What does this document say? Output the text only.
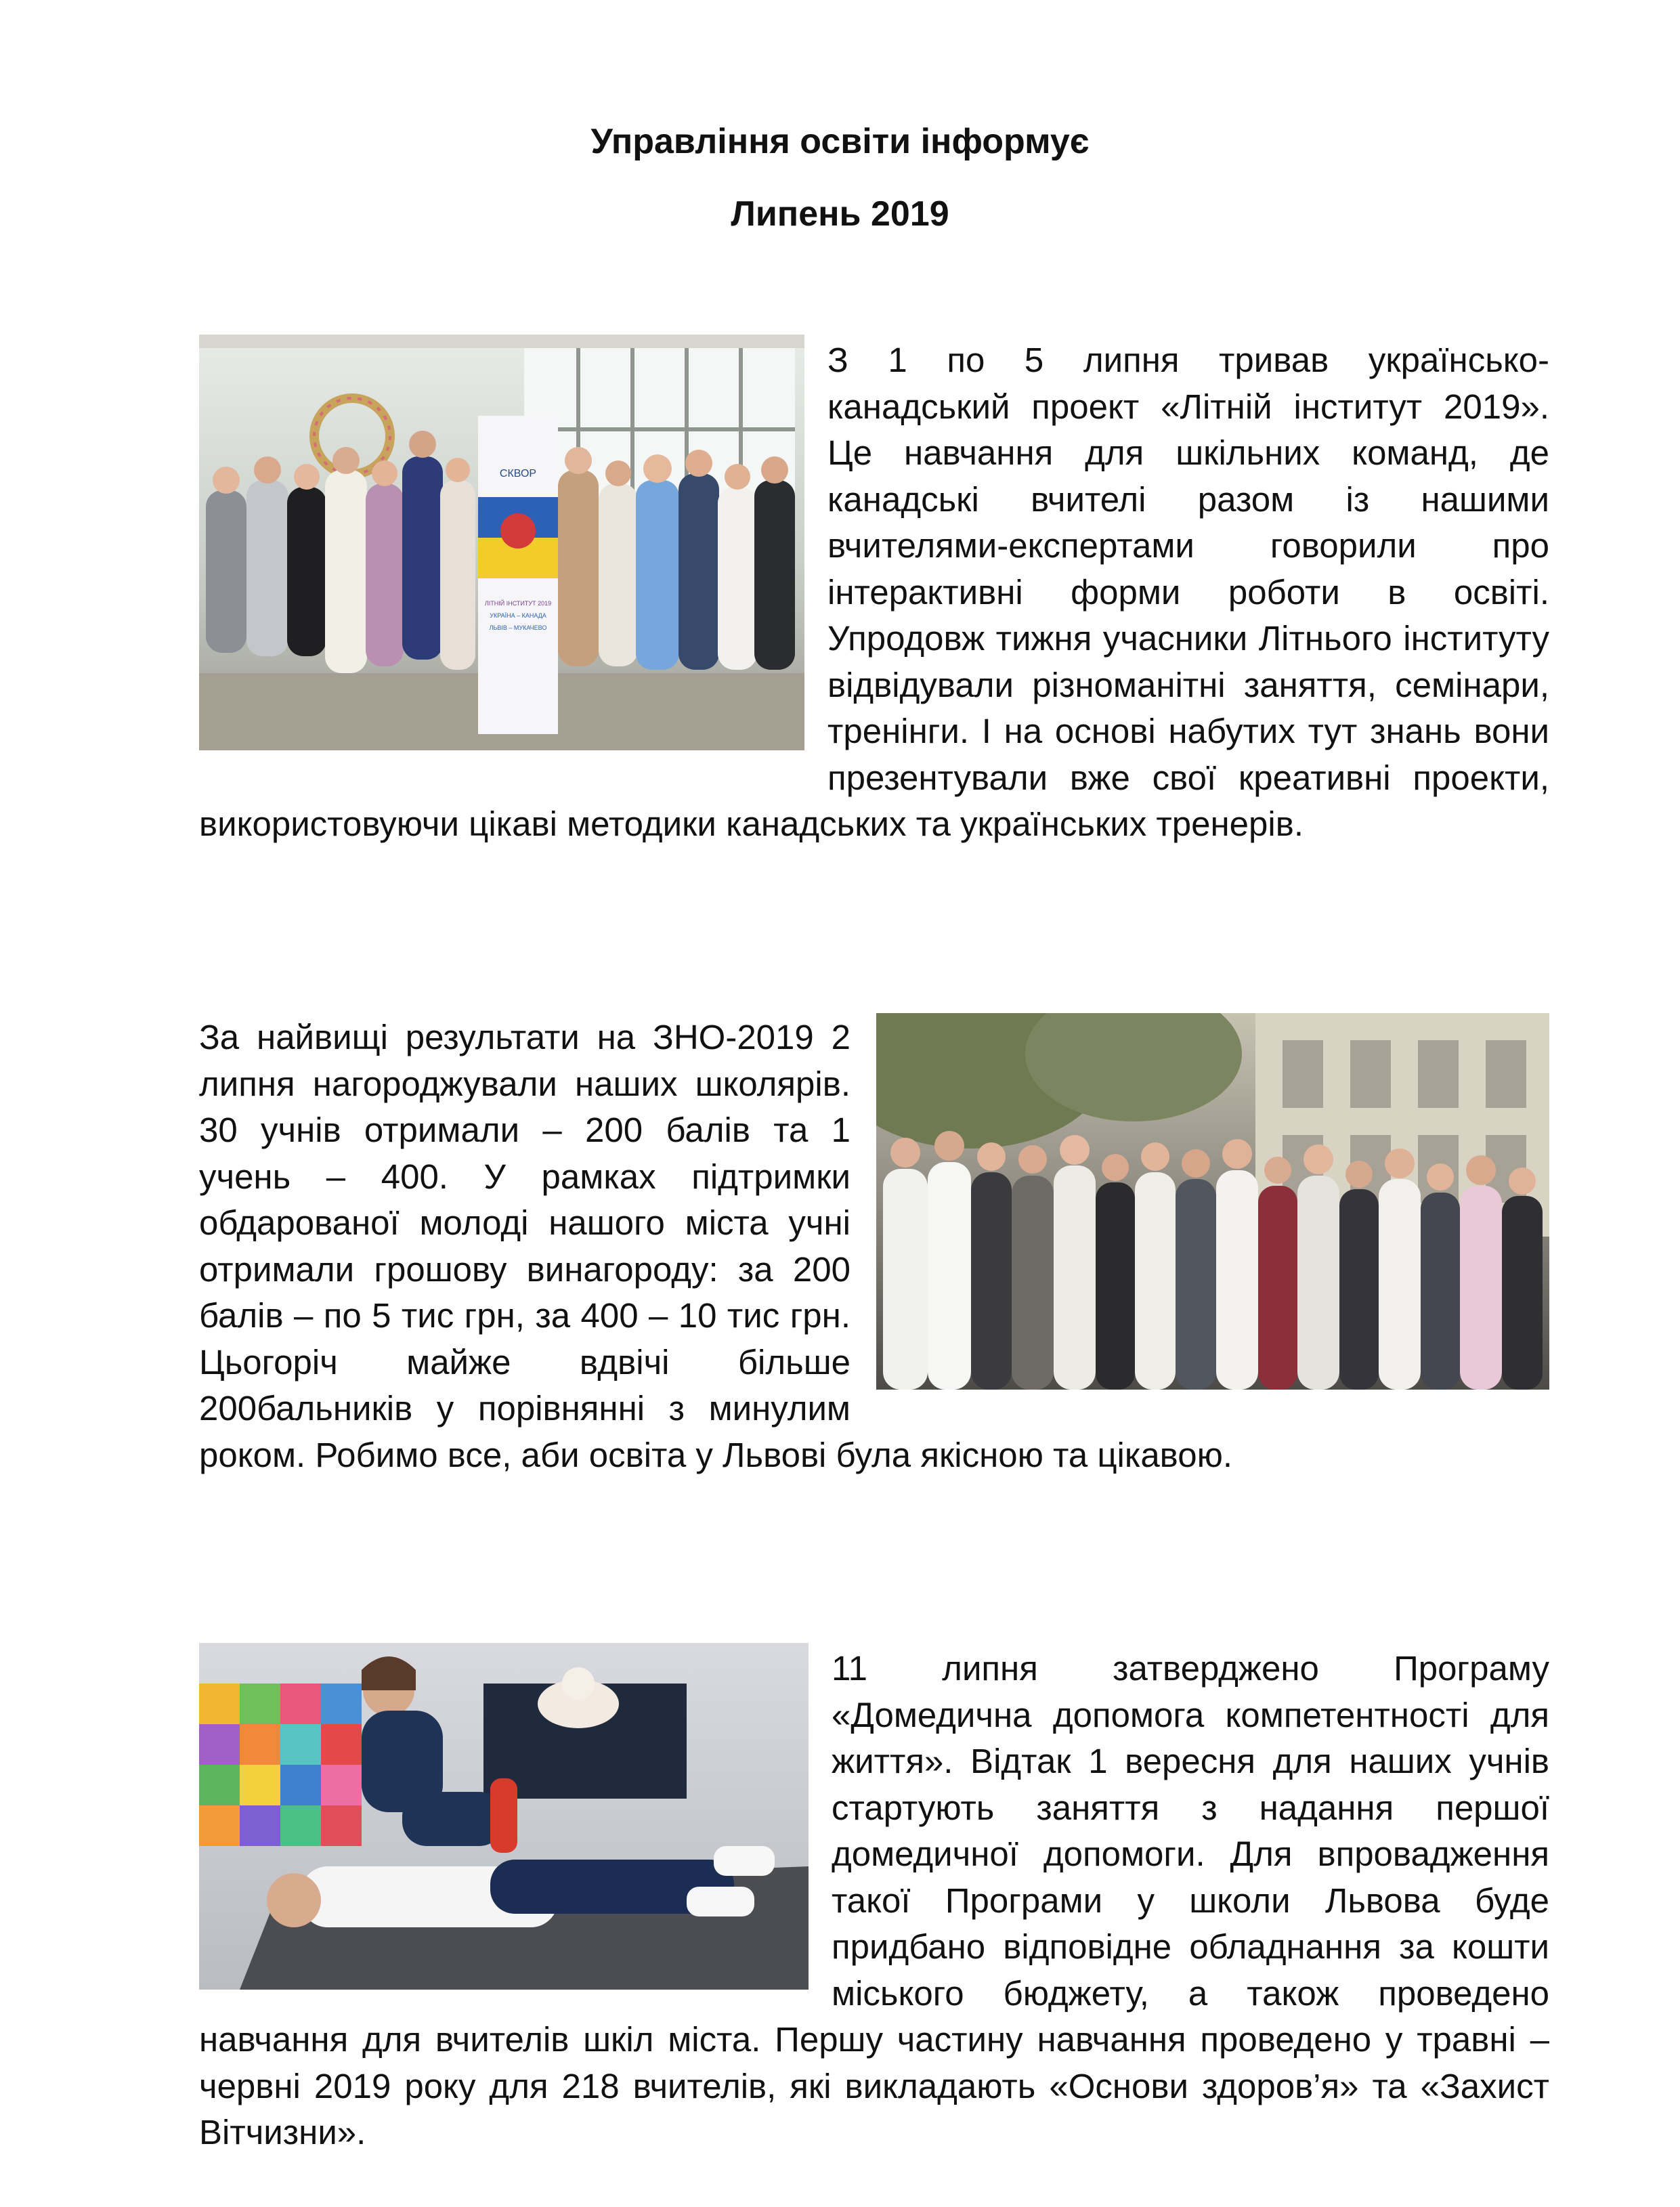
Управління освіти інформує
Липень 2019
СКВОР
ЛІТНІЙ ІНСТИТУТ 2019
УКРАЇНА – КАНАДА
ЛЬВІВ – МУКАЧЕВО

З 1 по 5 липня тривав українсько-канадський проект «Літній інститут 2019». Це навчання для шкільних команд, де канадські вчителі разом із нашими вчителями-експертами говорили про інтерактивні форми роботи в освіті. Упродовж тижня учасники Літнього інституту відвідували різноманітні заняття, семінари, тренінги. І на основі набутих тут знань вони презентували вже свої креативні проекти, використовуючи цікаві методики канадських та українських тренерів.

За найвищі результати на ЗНО-2019 2 липня нагороджували наших школярів. 30 учнів отримали – 200 балів та 1 учень – 400. У рамках підтримки обдарованої молоді нашого міста учні отримали грошову винагороду: за 200 балів – по 5 тис грн, за 400 – 10 тис грн. Цьогоріч майже вдвічі більше 200бальників у порівнянні з минулим роком. Робимо все, аби освіта у Львові була якісною та цікавою.

11 липня затверджено Програму «Домедична допомога компетентності для життя». Відтак 1 вересня для наших учнів стартують заняття з надання першої домедичної допомоги. Для впровадження такої Програми у школи Львова буде придбано відповідне обладнання за кошти міського бюджету, а також проведено навчання для вчителів шкіл міста. Першу частину навчання проведено у травні – червні 2019 року для 218 вчителів, які викладають «Основи здоров’я» та «Захист Вітчизни».
